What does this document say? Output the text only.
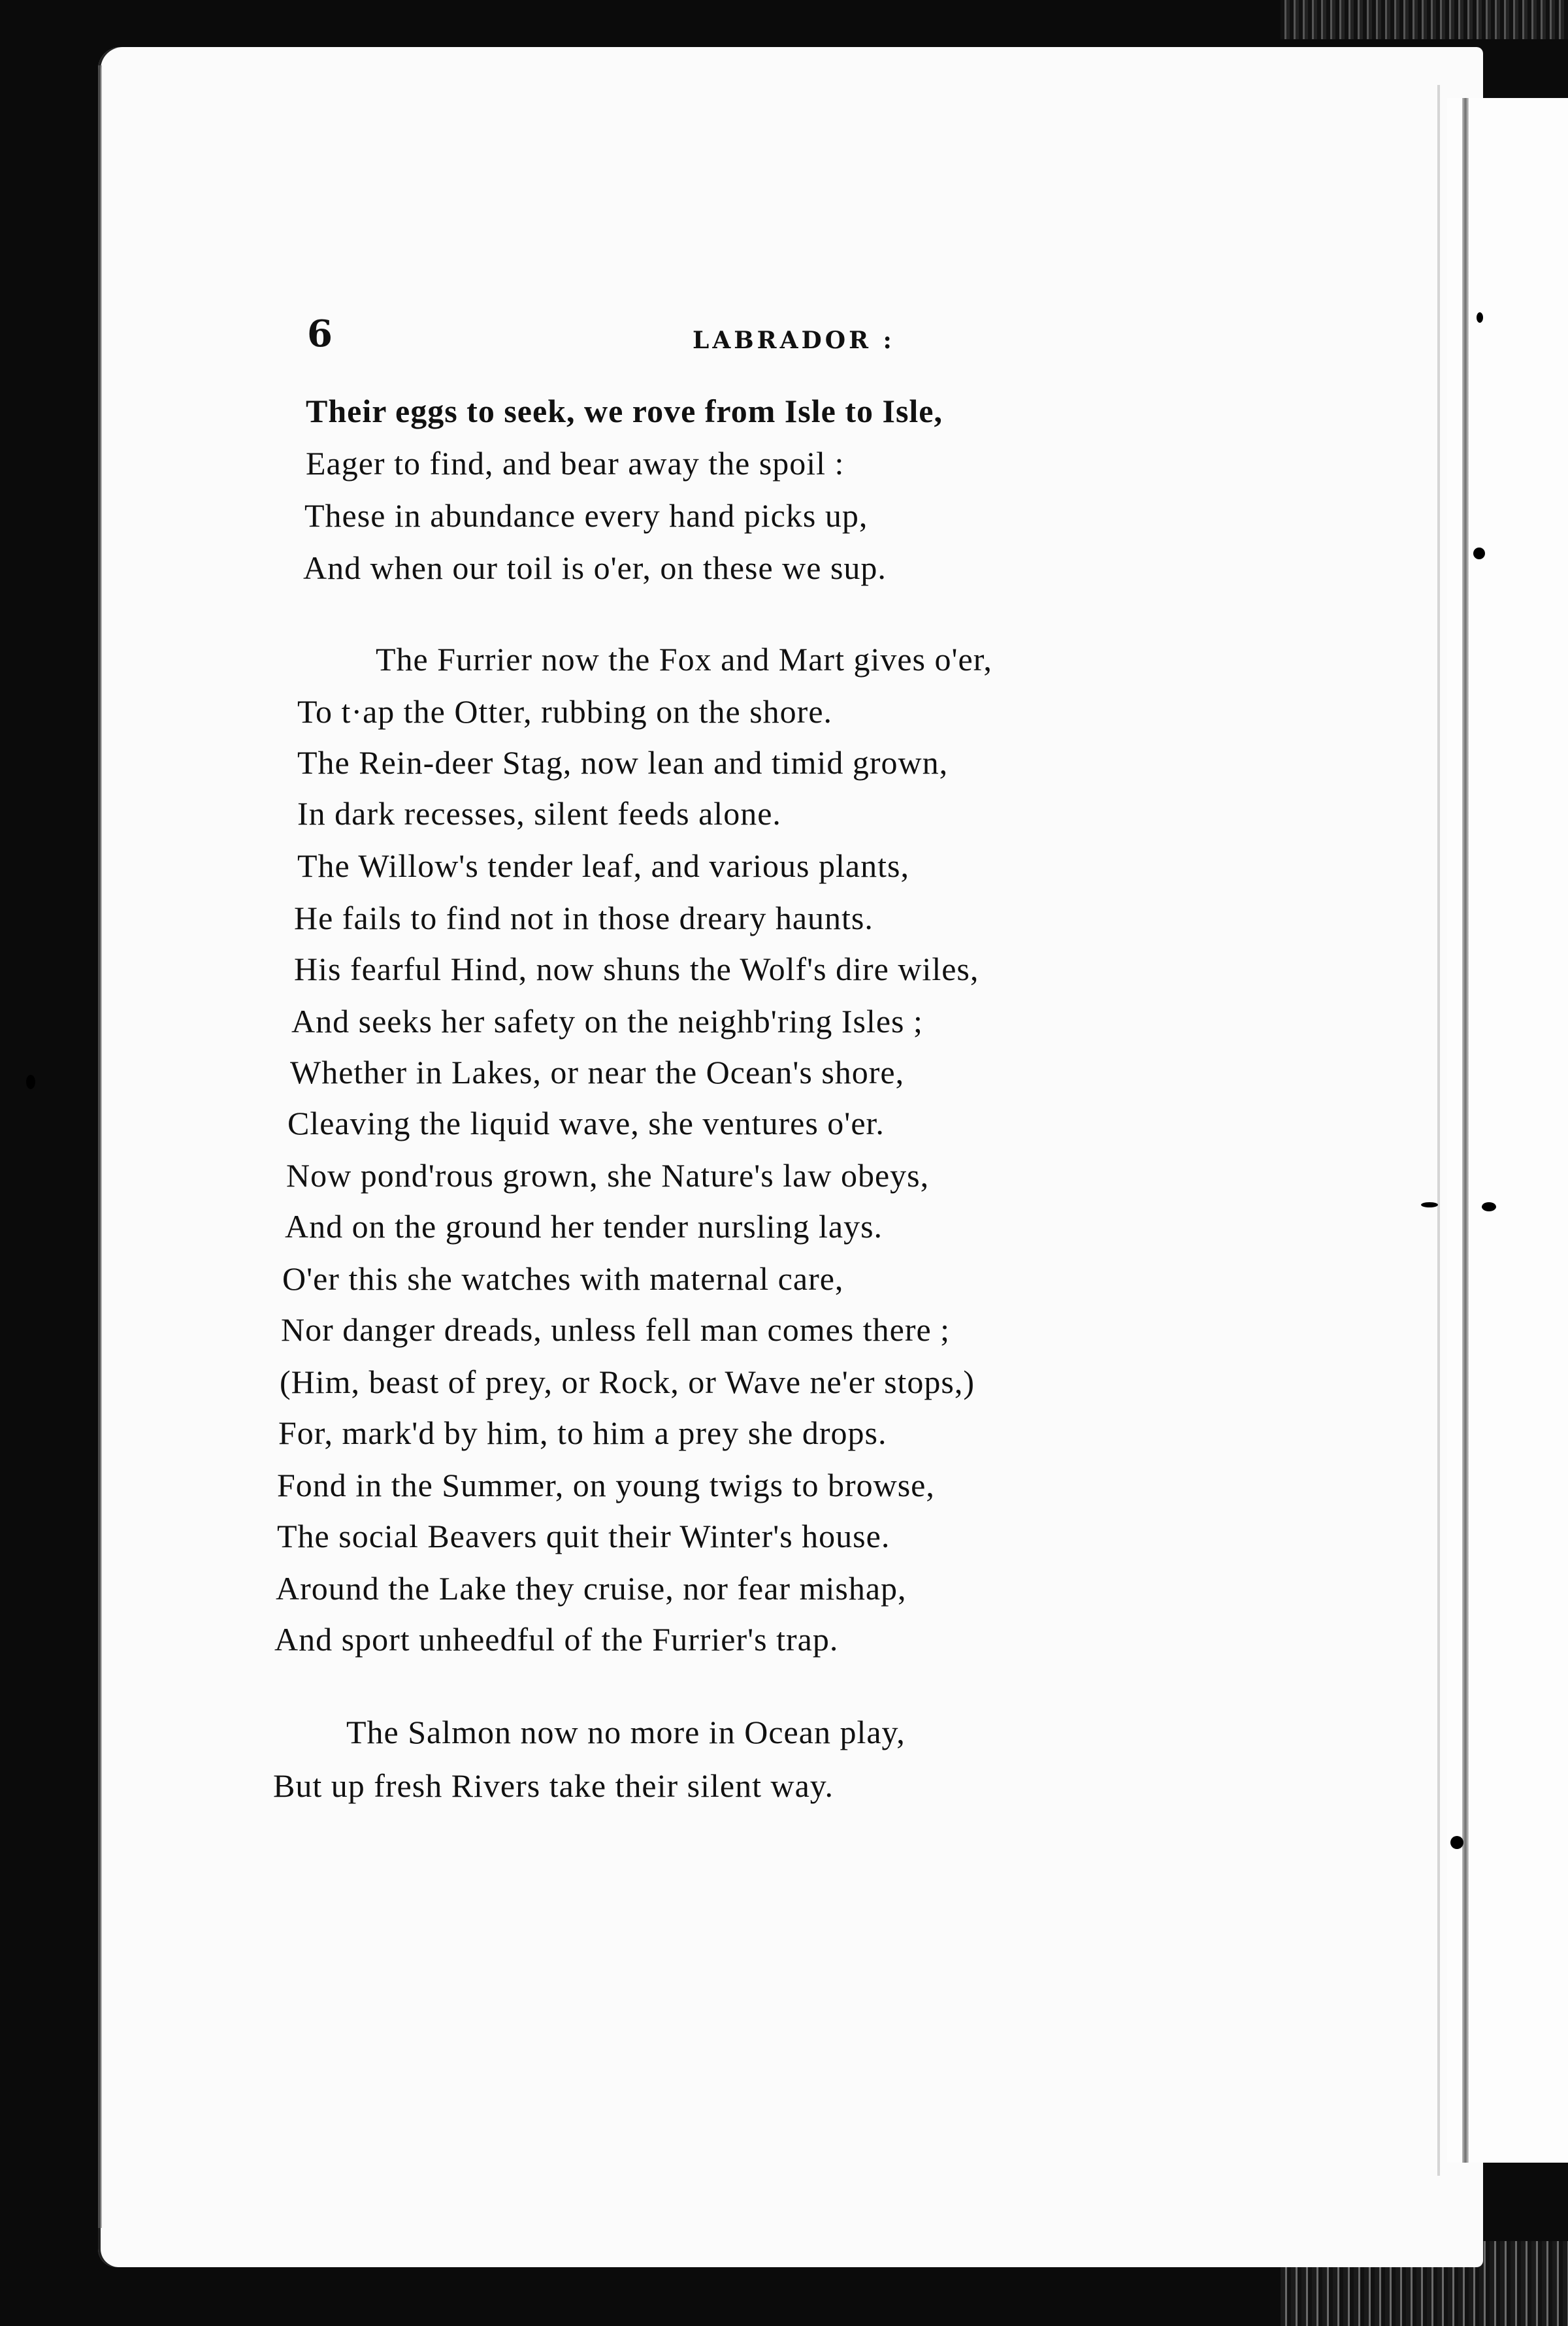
6	LABRADOR :
Their eggs to seek, we rove from Isle to Isle,
Eager to find, and bear away the spoil :
These in abundance every hand picks up,
And when our toil is o'er, on these we sup.
The Furrier now the Fox and Mart gives o'er,
To t·ap the Otter, rubbing on the shore.
The Rein-deer Stag, now lean and timid grown,
In dark recesses, silent feeds alone.
The Willow's tender leaf, and various plants,
He fails to find not in those dreary haunts.
His fearful Hind, now shuns the Wolf's dire wiles,
And seeks her safety on the neighb'ring Isles ;
Whether in Lakes, or near the Ocean's shore,
Cleaving the liquid wave, she ventures o'er.
Now pond'rous grown, she Nature's law obeys,
And on the ground her tender nursling lays.
O'er this she watches with maternal care,
Nor danger dreads, unless fell man comes there ;
(Him, beast of prey, or Rock, or Wave ne'er stops,)
For, mark'd by him, to him a prey she drops.
Fond in the Summer, on young twigs to browse,
The social Beavers quit their Winter's house.
Around the Lake they cruise, nor fear mishap,
And sport unheedful of the Furrier's trap.
The Salmon now no more in Ocean play,
But up fresh Rivers take their silent way.
